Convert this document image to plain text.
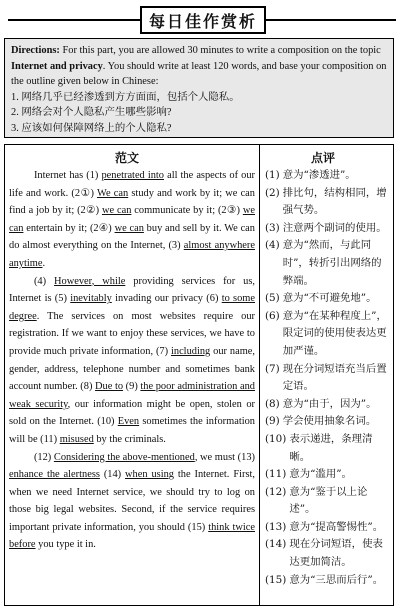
每日佳作赏析

Directions: For this part, you are allowed 30 minutes to write a composition on the topic Internet and privacy. You should write at least 120 words, and base your composition on the outline given below in Chinese:

1. 网络几乎已经渗透到方方面面，包括个人隐私。

2. 网络会对个人隐私产生哪些影响?

3. 应该如何保障网络上的个人隐私?

范文	点评

Internet has (1) penetrated into all the aspects of our life and work. (2①) We can study and work by it; we can find a job by it; (2②) we can communicate by it; (2③) we can entertain by it; (2④) we can buy and sell by it. We can do almost everything on the Internet, (3) almost anywhere anytime.

(4) However, while providing services for us, Internet is (5) inevitably invading our privacy (6) to some degree. The services on most websites require our registration. If we want to enjoy these services, we have to provide much private information, (7) including our name, gender, address, telephone number and sometimes bank account number. (8) Due to (9) the poor administration and weak security, our information might be open, stolen or sold on the Internet. (10) Even sometimes the information will be (11) misused by the criminals.

(12) Considering the above-mentioned, we must (13) enhance the alertness (14) when using the Internet. First, when we need Internet service, we should try to log on those big legal websites. Second, if the service requires important private information, you should (15) think twice before you type it in.

(1) 意为“渗透进”。
(2) 排比句，结构相同，增强气势。
(3) 注意两个副词的使用。
(4) 意为“然而，与此同时”，转折引出网络的弊端。
(5) 意为“不可避免地”。
(6) 意为“在某种程度上”，限定词的使用使表达更加严谨。
(7) 现在分词短语充当后置定语。
(8) 意为“由于，因为”。
(9) 学会使用抽象名词。
(10) 表示递进，条理清晰。
(11) 意为“滥用”。
(12) 意为“鉴于以上论述”。
(13) 意为“提高警惕性”。
(14) 现在分词短语，使表达更加简洁。
(15) 意为“三思而后行”。
